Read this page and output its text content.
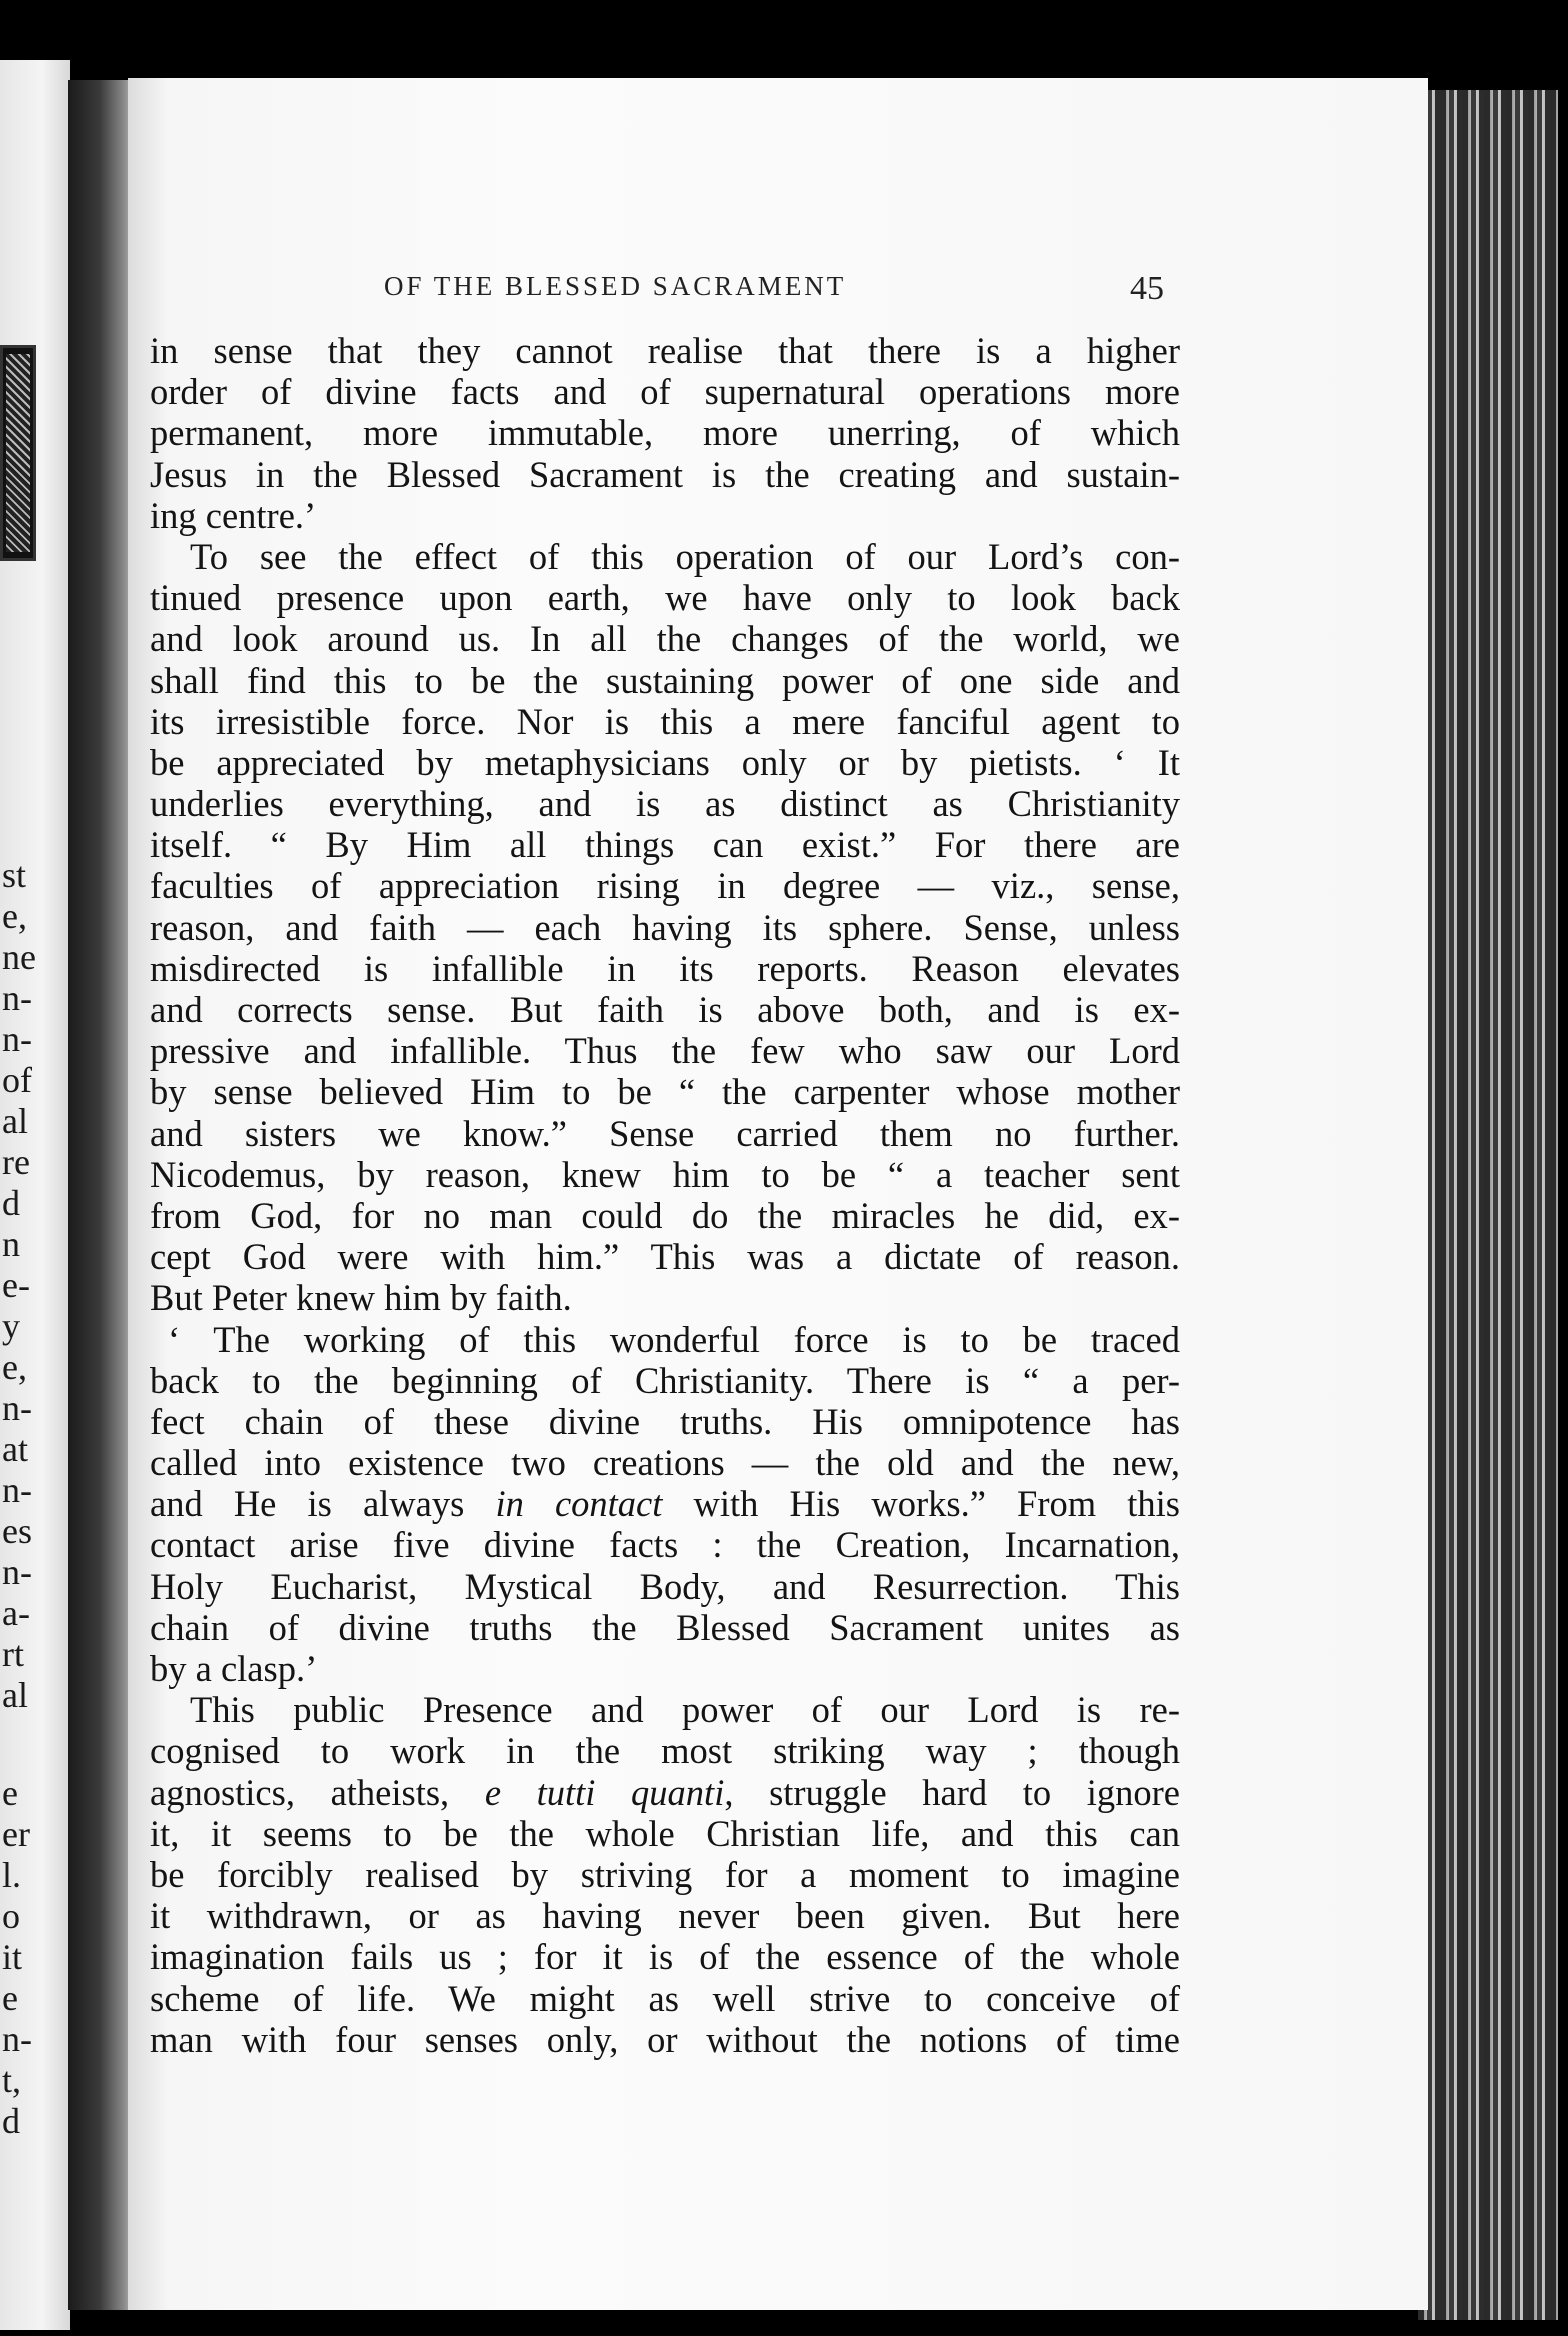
st
e,
ne
n-
n-
of
al
re
d
n
e-
y
e,
n-
at
n-
es
n-
a-
rt
al
e
er
l.
o
it
e
n-
t,
d
OF THE BLESSED SACRAMENT	45
in sense that they cannot realise that there is a higher
order of divine facts and of supernatural operations more
permanent, more immutable, more unerring, of which
Jesus in the Blessed Sacrament is the creating and sustain-
ing centre.’
To see the effect of this operation of our Lord’s con-
tinued presence upon earth, we have only to look back
and look around us. In all the changes of the world, we
shall find this to be the sustaining power of one side and
its irresistible force. Nor is this a mere fanciful agent to
be appreciated by metaphysicians only or by pietists. ‘ It
underlies everything, and is as distinct as Christianity
itself. “ By Him all things can exist.” For there are
faculties of appreciation rising in degree — viz., sense,
reason, and faith — each having its sphere. Sense, unless
misdirected is infallible in its reports. Reason elevates
and corrects sense. But faith is above both, and is ex-
pressive and infallible. Thus the few who saw our Lord
by sense believed Him to be “ the carpenter whose mother
and sisters we know.” Sense carried them no further.
Nicodemus, by reason, knew him to be “ a teacher sent
from God, for no man could do the miracles he did, ex-
cept God were with him.” This was a dictate of reason.
But Peter knew him by faith.
‘ The working of this wonderful force is to be traced
back to the beginning of Christianity. There is “ a per-
fect chain of these divine truths. His omnipotence has
called into existence two creations — the old and the new,
and He is always in contact with His works.” From this
contact arise five divine facts : the Creation, Incarnation,
Holy Eucharist, Mystical Body, and Resurrection. This
chain of divine truths the Blessed Sacrament unites as
by a clasp.’
This public Presence and power of our Lord is re-
cognised to work in the most striking way ; though
agnostics, atheists, e tutti quanti, struggle hard to ignore
it, it seems to be the whole Christian life, and this can
be forcibly realised by striving for a moment to imagine
it withdrawn, or as having never been given. But here
imagination fails us ; for it is of the essence of the whole
scheme of life. We might as well strive to conceive of
man with four senses only, or without the notions of time
